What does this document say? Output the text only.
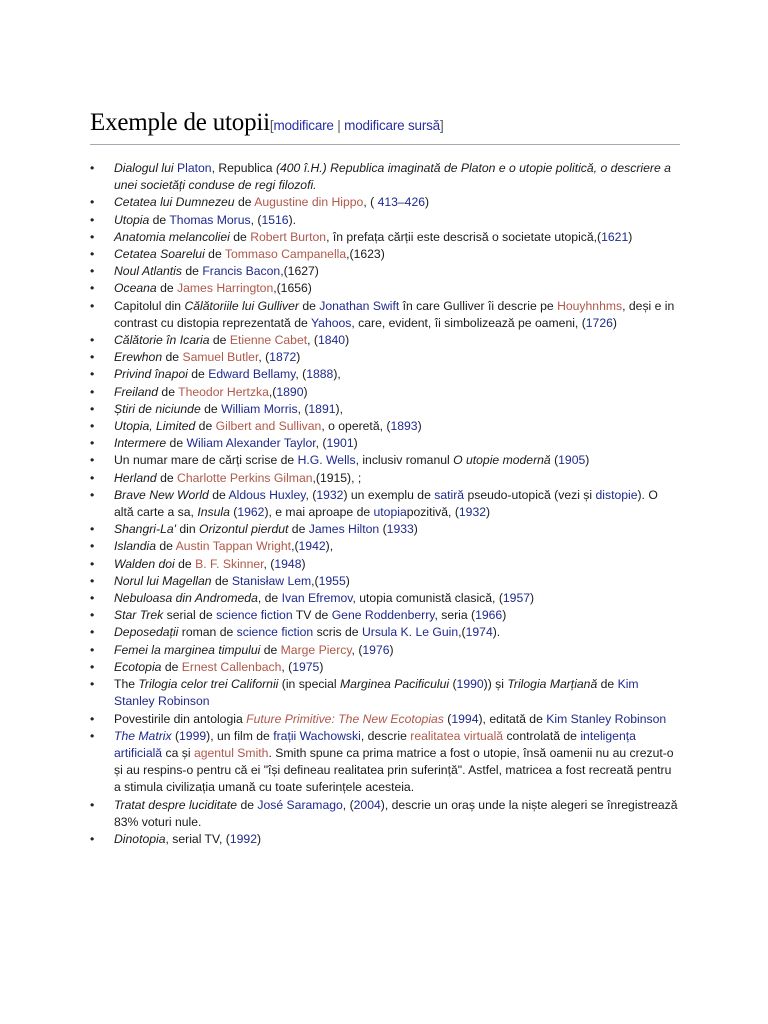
Exemple de utopii[modificare | modificare sursă]
• Dialogul lui Platon, Republica (400 î.H.) Republica imaginată de Platon e o utopie politică, o descriere a unei societăți conduse de regi filozofi.
• Cetatea lui Dumnezeu de Augustine din Hippo, ( 413–426)
• Utopia de Thomas Morus, (1516).
• Anatomia melancoliei de Robert Burton, în prefața cărții este descrisă o societate utopică,(1621)
• Cetatea Soarelui de Tommaso Campanella,(1623)
• Noul Atlantis de Francis Bacon,(1627)
• Oceana de James Harrington,(1656)
• Capitolul din Călătoriile lui Gulliver de Jonathan Swift în care Gulliver îi descrie pe Houyhnhms, deși e in contrast cu distopia reprezentată de Yahoos, care, evident, îi simbolizează pe oameni, (1726)
• Călătorie în Icaria de Etienne Cabet, (1840)
• Erewhon de Samuel Butler, (1872)
• Privind înapoi de Edward Bellamy, (1888),
• Freiland de Theodor Hertzka,(1890)
• Știri de niciunde de William Morris, (1891),
• Utopia, Limited de Gilbert and Sullivan, o operetă, (1893)
• Intermere de Wiliam Alexander Taylor, (1901)
• Un numar mare de cărți scrise de H.G. Wells, inclusiv romanul O utopie modernă (1905)
• Herland de Charlotte Perkins Gilman,(1915), ;
• Brave New World de Aldous Huxley, (1932) un exemplu de satiră pseudo-utopică (vezi și distopie). O altă carte a sa, Insula (1962), e mai aproape de utopiapozitivă, (1932)
• Shangri-La' din Orizontul pierdut de James Hilton (1933)
• Islandia de Austin Tappan Wright,(1942),
• Walden doi de B. F. Skinner, (1948)
• Norul lui Magellan de Stanisław Lem,(1955)
• Nebuloasa din Andromeda, de Ivan Efremov, utopia comunistă clasică, (1957)
• Star Trek serial de science fiction TV de Gene Roddenberry, seria (1966)
• Deposedații roman de science fiction scris de Ursula K. Le Guin,(1974).
• Femei la marginea timpului de Marge Piercy, (1976)
• Ecotopia de Ernest Callenbach, (1975)
• The Trilogia celor trei Californii (in special Marginea Pacificului (1990)) și Trilogia Marțiană de Kim Stanley Robinson
• Povestirile din antologia Future Primitive: The New Ecotopias (1994), editată de Kim Stanley Robinson
• The Matrix (1999), un film de frații Wachowski, descrie realitatea virtuală controlată de inteligența artificială ca și agentul Smith. Smith spune ca prima matrice a fost o utopie, însă oamenii nu au crezut-o și au respins-o pentru că ei "își defineau realitatea prin suferință". Astfel, matricea a fost recreată pentru a stimula civilizația umană cu toate suferințele acesteia.
• Tratat despre luciditate de José Saramago, (2004), descrie un oraș unde la niște alegeri se înregistrează 83% voturi nule.
• Dinotopia, serial TV, (1992)
